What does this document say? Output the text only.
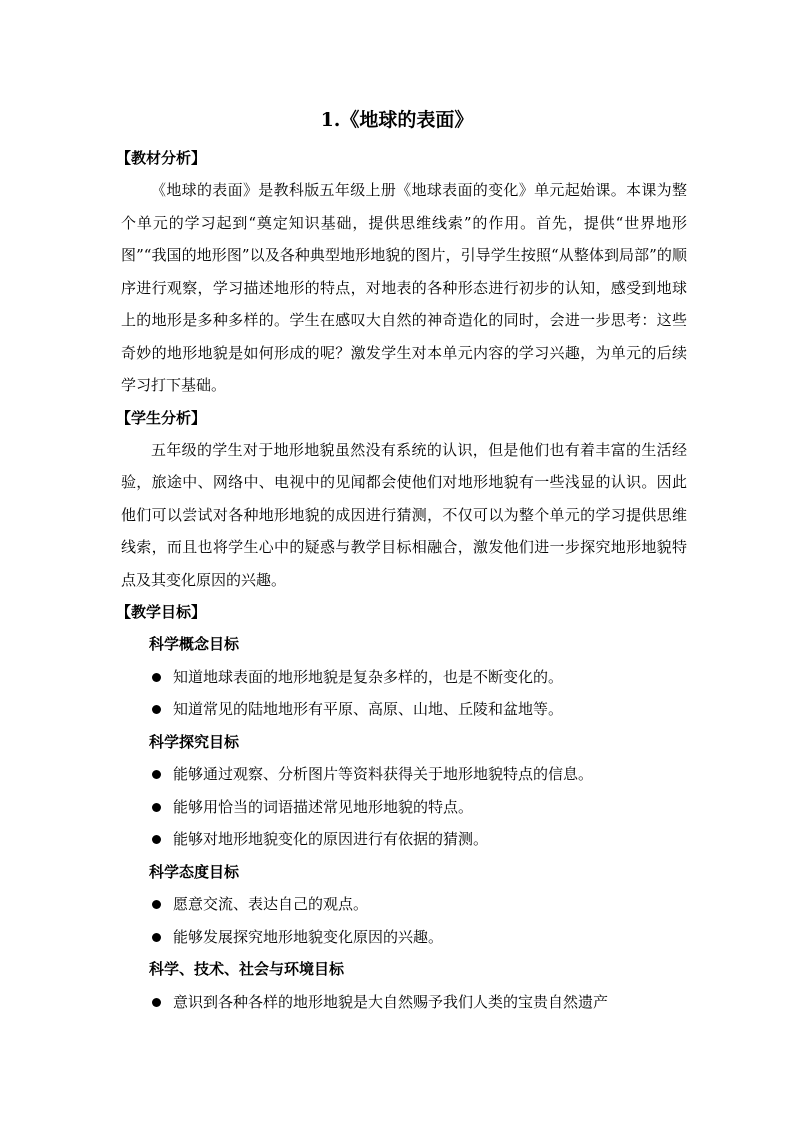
1.《地球的表面》
【教材分析】

《地球的表面》是教科版五年级上册《地球表面的变化》单元起始课。本课为整个单元的学习起到“奠定知识基础，提供思维线索”的作用。首先，提供“世界地形图”“我国的地形图”以及各种典型地形地貌的图片，引导学生按照“从整体到局部”的顺序进行观察，学习描述地形的特点，对地表的各种形态进行初步的认知，感受到地球上的地形是多种多样的。学生在感叹大自然的神奇造化的同时，会进一步思考：这些奇妙的地形地貌是如何形成的呢？激发学生对本单元内容的学习兴趣，为单元的后续学习打下基础。

【学生分析】

五年级的学生对于地形地貌虽然没有系统的认识，但是他们也有着丰富的生活经验，旅途中、网络中、电视中的见闻都会使他们对地形地貌有一些浅显的认识。因此他们可以尝试对各种地形地貌的成因进行猜测，不仅可以为整个单元的学习提供思维线索，而且也将学生心中的疑惑与教学目标相融合，激发他们进一步探究地形地貌特点及其变化原因的兴趣。

【教学目标】
科学概念目标
知道地球表面的地形地貌是复杂多样的，也是不断变化的。
知道常见的陆地地形有平原、高原、山地、丘陵和盆地等。
科学探究目标
能够通过观察、分析图片等资料获得关于地形地貌特点的信息。
能够用恰当的词语描述常见地形地貌的特点。
能够对地形地貌变化的原因进行有依据的猜测。
科学态度目标
愿意交流、表达自己的观点。
能够发展探究地形地貌变化原因的兴趣。
科学、技术、社会与环境目标
意识到各种各样的地形地貌是大自然赐予我们人类的宝贵自然遗产
